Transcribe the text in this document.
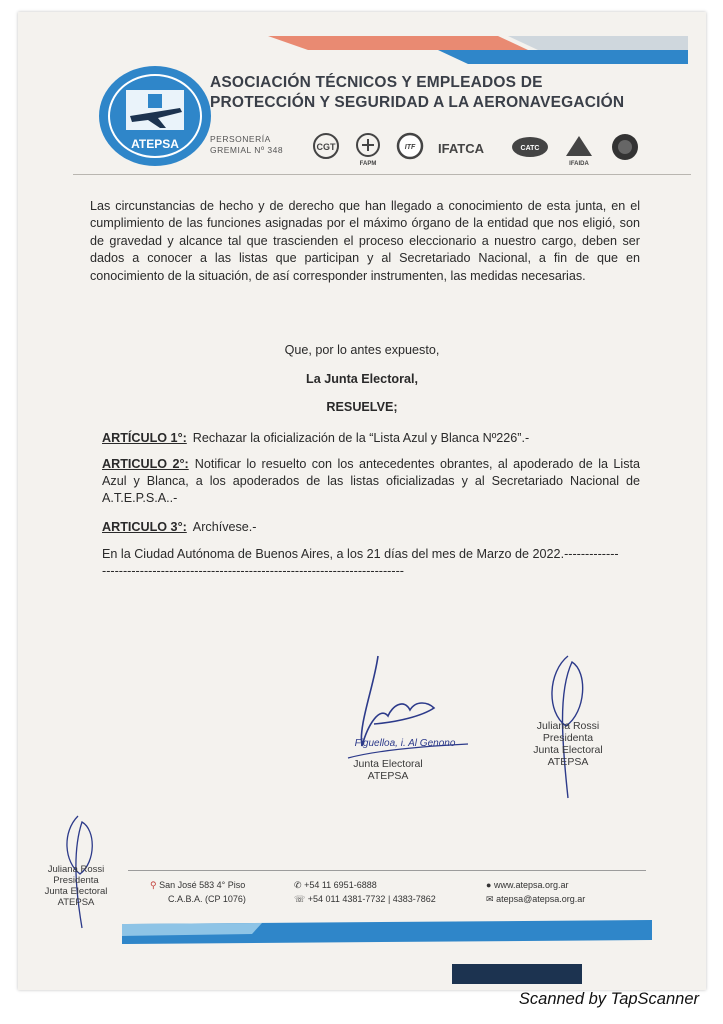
ATEPSA
ASOCIACIÓN TÉCNICOS Y EMPLEADOS DE
PROTECCIÓN Y SEGURIDAD A LA AERONAVEGACIÓN
PERSONERÍA
GREMIAL Nº 348	CGT
FAPM
ITF IFATCA	CATC
IFAIDA

Las circunstancias de hecho y de derecho que han llegado a conocimiento de esta junta, en el cumplimiento de las funciones asignadas por el máximo órgano de la entidad que nos eligió, son de gravedad y alcance tal que trascienden el proceso eleccionario a nuestro cargo, deben ser dados a conocer a las listas que participan y al Secretariado Nacional, a fin de que en conocimiento de la situación, de así corresponder instrumenten, las medidas necesarias.

Que, por lo antes expuesto,

La Junta Electoral,

RESUELVE;

ARTÍCULO 1°: Rechazar la oficialización de la “Lista Azul y Blanca Nº226”.-

ARTICULO 2°: Notificar lo resuelto con los antecedentes obrantes, al apoderado de la Lista Azul y Blanca, a los apoderados de las listas oficializadas y al Secretariado Nacional de A.T.E.P.S.A..-

ARTICULO 3°: Archívese.-

En la Ciudad Autónoma de Buenos Aires, a los 21 días del mes de Marzo de 2022.-------------------------------------------------------------------------------------

Figuelloa, i. Al Genono
Junta Electoral
ATEPSA
Juliana Rossi
Presidenta
Junta Electoral
ATEPSA
Juliana Rossi
Presidenta
Junta Electoral
ATEPSA
⚲ San José 583 4° Piso
C.A.B.A. (CP 1076)
✆ +54 11 6951-6888
☏ +54 011 4381-7732 | 4383-7862
● www.atepsa.org.ar
✉ atepsa@atepsa.org.ar
Scanned by TapScanner
